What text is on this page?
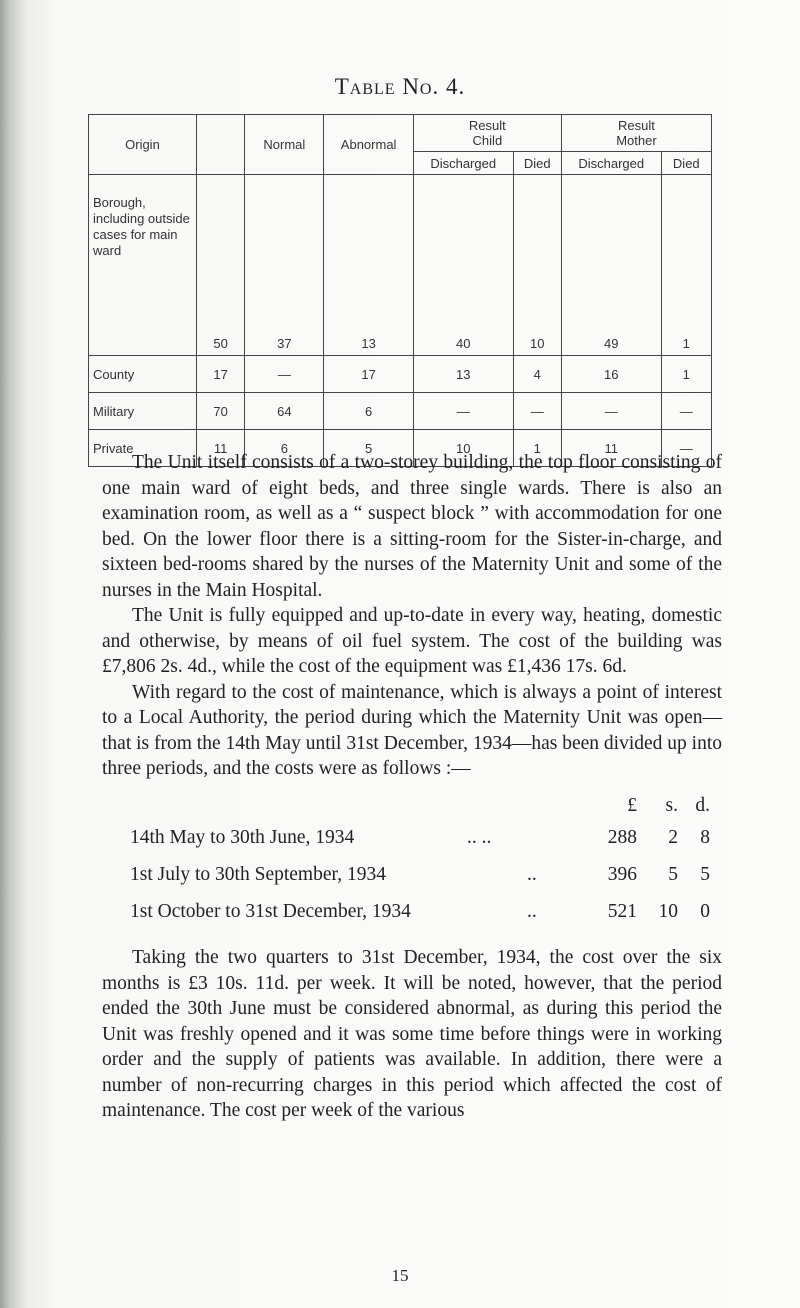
Table No. 4.
Origin		Normal	Abnormal	Result Child		Result Mother	
				Discharged	Died	Discharged	Died
Borough, including outside cases for main ward	50	37	13	40	10	49	1
County	17	—	17	13	4	16	1
Military	70	64	6	—	—	—	—
Private	11	6	5	10	1	11	—

The Unit itself consists of a two-storey building, the top floor consisting of one main ward of eight beds, and three single wards. There is also an examination room, as well as a “ suspect block ” with accommodation for one bed. On the lower floor there is a sitting-room for the Sister-in-charge, and sixteen bed-rooms shared by the nurses of the Maternity Unit and some of the nurses in the Main Hospital.

The Unit is fully equipped and up-to-date in every way, heating, domestic and otherwise, by means of oil fuel system. The cost of the building was £7,806 2s. 4d., while the cost of the equipment was £1,436 17s. 6d.

With regard to the cost of maintenance, which is always a point of interest to a Local Authority, the period during which the Maternity Unit was open—that is from the 14th May until 31st December, 1934—has been divided up into three periods, and the costs were as follows :—

£	s. d.
14th May to 30th June, 1934	.. ..	288	2	8
1st July to 30th September, 1934	..	396	5	5
1st October to 31st December, 1934	..	521	10	0

Taking the two quarters to 31st December, 1934, the cost over the six months is £3 10s. 11d. per week. It will be noted, however, that the period ended the 30th June must be considered abnormal, as during this period the Unit was freshly opened and it was some time before things were in working order and the supply of patients was available. In addition, there were a number of non-recurring charges in this period which affected the cost of maintenance. The cost per week of the various

15
